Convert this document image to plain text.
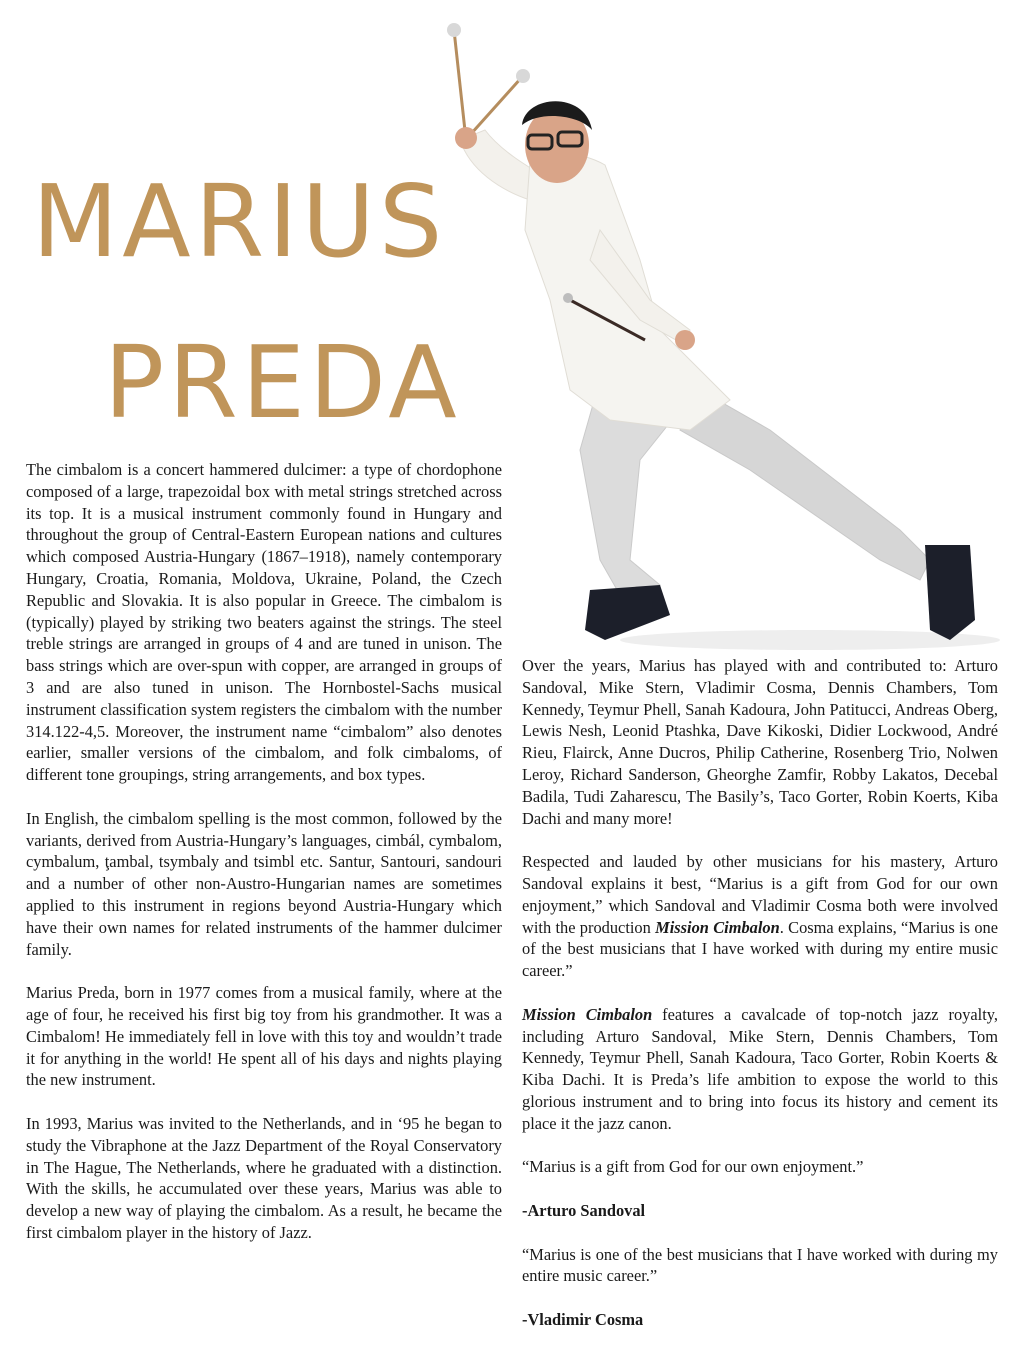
MARIUS
PREDA

The cimbalom is a concert hammered dulcimer: a type of chordophone composed of a large, trapezoidal box with metal strings stretched across its top. It is a musical instrument commonly found in Hungary and throughout the group of Central-Eastern European nations and cultures which composed Austria-Hungary (1867–1918), namely contemporary Hungary, Croatia, Romania, Moldova, Ukraine, Poland, the Czech Republic and Slovakia. It is also popular in Greece. The cimbalom is (typically) played by striking two beaters against the strings. The steel treble strings are arranged in groups of 4 and are tuned in unison. The bass strings which are over-spun with copper, are arranged in groups of 3 and are also tuned in unison. The Hornbostel-Sachs musical instrument classification system registers the cimbalom with the number 314.122-4,5. Moreover, the instrument name “cimbalom” also denotes earlier, smaller versions of the cimbalom, and folk cimbaloms, of different tone groupings, string arrangements, and box types.

In English, the cimbalom spelling is the most common, followed by the variants, derived from Austria-Hungary’s languages, cimbál, cymbalom, cymbalum, ţambal, tsymbaly and tsimbl etc. Santur, Santouri, sandouri and a number of other non-Austro-Hungarian names are sometimes applied to this instrument in regions beyond Austria-Hungary which have their own names for related instruments of the hammer dulcimer family.

Marius Preda, born in 1977 comes from a musical family, where at the age of four, he received his first big toy from his grandmother. It was a Cimbalom! He immediately fell in love with this toy and wouldn’t trade it for anything in the world! He spent all of his days and nights playing the new instrument.

In 1993, Marius was invited to the Netherlands, and in ‘95 he began to study the Vibraphone at the Jazz Department of the Royal Conservatory in The Hague, The Netherlands, where he graduated with a distinction. With the skills, he accumulated over these years, Marius was able to develop a new way of playing the cimbalom. As a result, he became the first cimbalom player in the history of Jazz.

Over the years, Marius has played with and contributed to: Arturo Sandoval, Mike Stern, Vladimir Cosma, Dennis Chambers, Tom Kennedy, Teymur Phell, Sanah Kadoura, John Patitucci, Andreas Oberg, Lewis Nesh, Leonid Ptashka, Dave Kikoski, Didier Lockwood, André Rieu, Flairck, Anne Ducros, Philip Catherine, Rosenberg Trio, Nolwen Leroy, Richard Sanderson, Gheorghe Zamfir, Robby Lakatos, Decebal Badila, Tudi Zaharescu, The Basily’s, Taco Gorter, Robin Koerts, Kiba Dachi and many more!

Respected and lauded by other musicians for his mastery, Arturo Sandoval explains it best, “Marius is a gift from God for our own enjoyment,” which Sandoval and Vladimir Cosma both were involved with the production Mission Cimbalon. Cosma explains, “Marius is one of the best musicians that I have worked with during my entire music career.”

Mission Cimbalon features a cavalcade of top-notch jazz royalty, including Arturo Sandoval, Mike Stern, Dennis Chambers, Tom Kennedy, Teymur Phell, Sanah Kadoura, Taco Gorter, Robin Koerts & Kiba Dachi. It is Preda’s life ambition to expose the world to this glorious instrument and to bring into focus its history and cement its place it the jazz canon.

“Marius is a gift from God for our own enjoyment.”

-Arturo Sandoval

“Marius is one of the best musicians that I have worked with during my entire music career.”

-Vladimir Cosma
